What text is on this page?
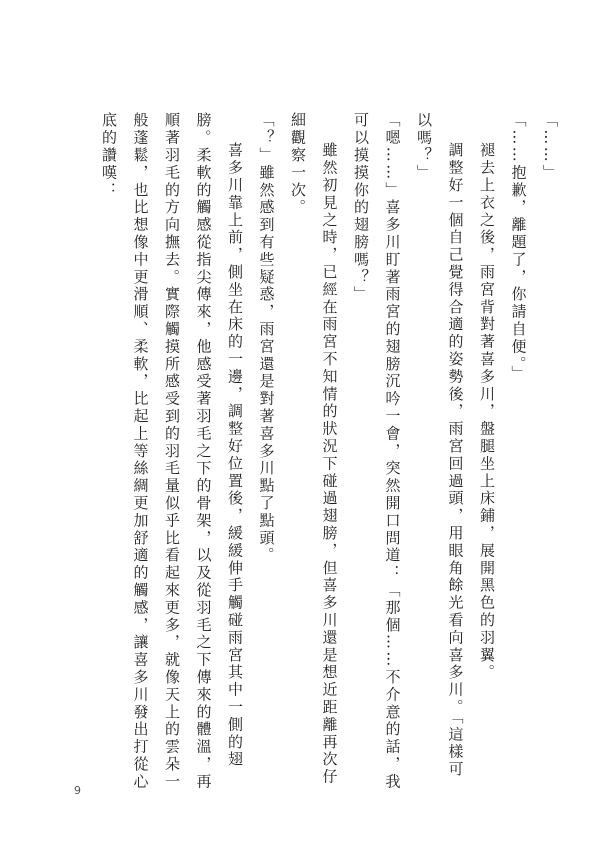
「……」

「……抱歉，離題了，你請自便。」

褪去上衣之後，雨宮背對著喜多川，盤腿坐上床鋪，展開黑色的羽翼。

調整好一個自己覺得合適的姿勢後，雨宮回過頭，用眼角餘光看向喜多川。「這樣可以嗎？」

「嗯……」喜多川盯著雨宮的翅膀沉吟一會，突然開口問道：「那個……不介意的話，我可以摸摸你的翅膀嗎？」

雖然初見之時，已經在雨宮不知情的狀況下碰過翅膀，但喜多川還是想近距離再次仔細觀察一次。

「？」雖然感到有些疑惑，雨宮還是對著喜多川點了點頭。

喜多川靠上前，側坐在床的一邊，調整好位置後，緩緩伸手觸碰雨宮其中一側的翅膀。柔軟的觸感從指尖傳來，他感受著羽毛之下的骨架，以及從羽毛之下傳來的體溫，再順著羽毛的方向撫去。實際觸摸所感受到的羽毛量似乎比看起來更多，就像天上的雲朵一般蓬鬆，也比想像中更滑順、柔軟，比起上等絲綢更加舒適的觸感，讓喜多川發出打從心底的讚嘆：

9
